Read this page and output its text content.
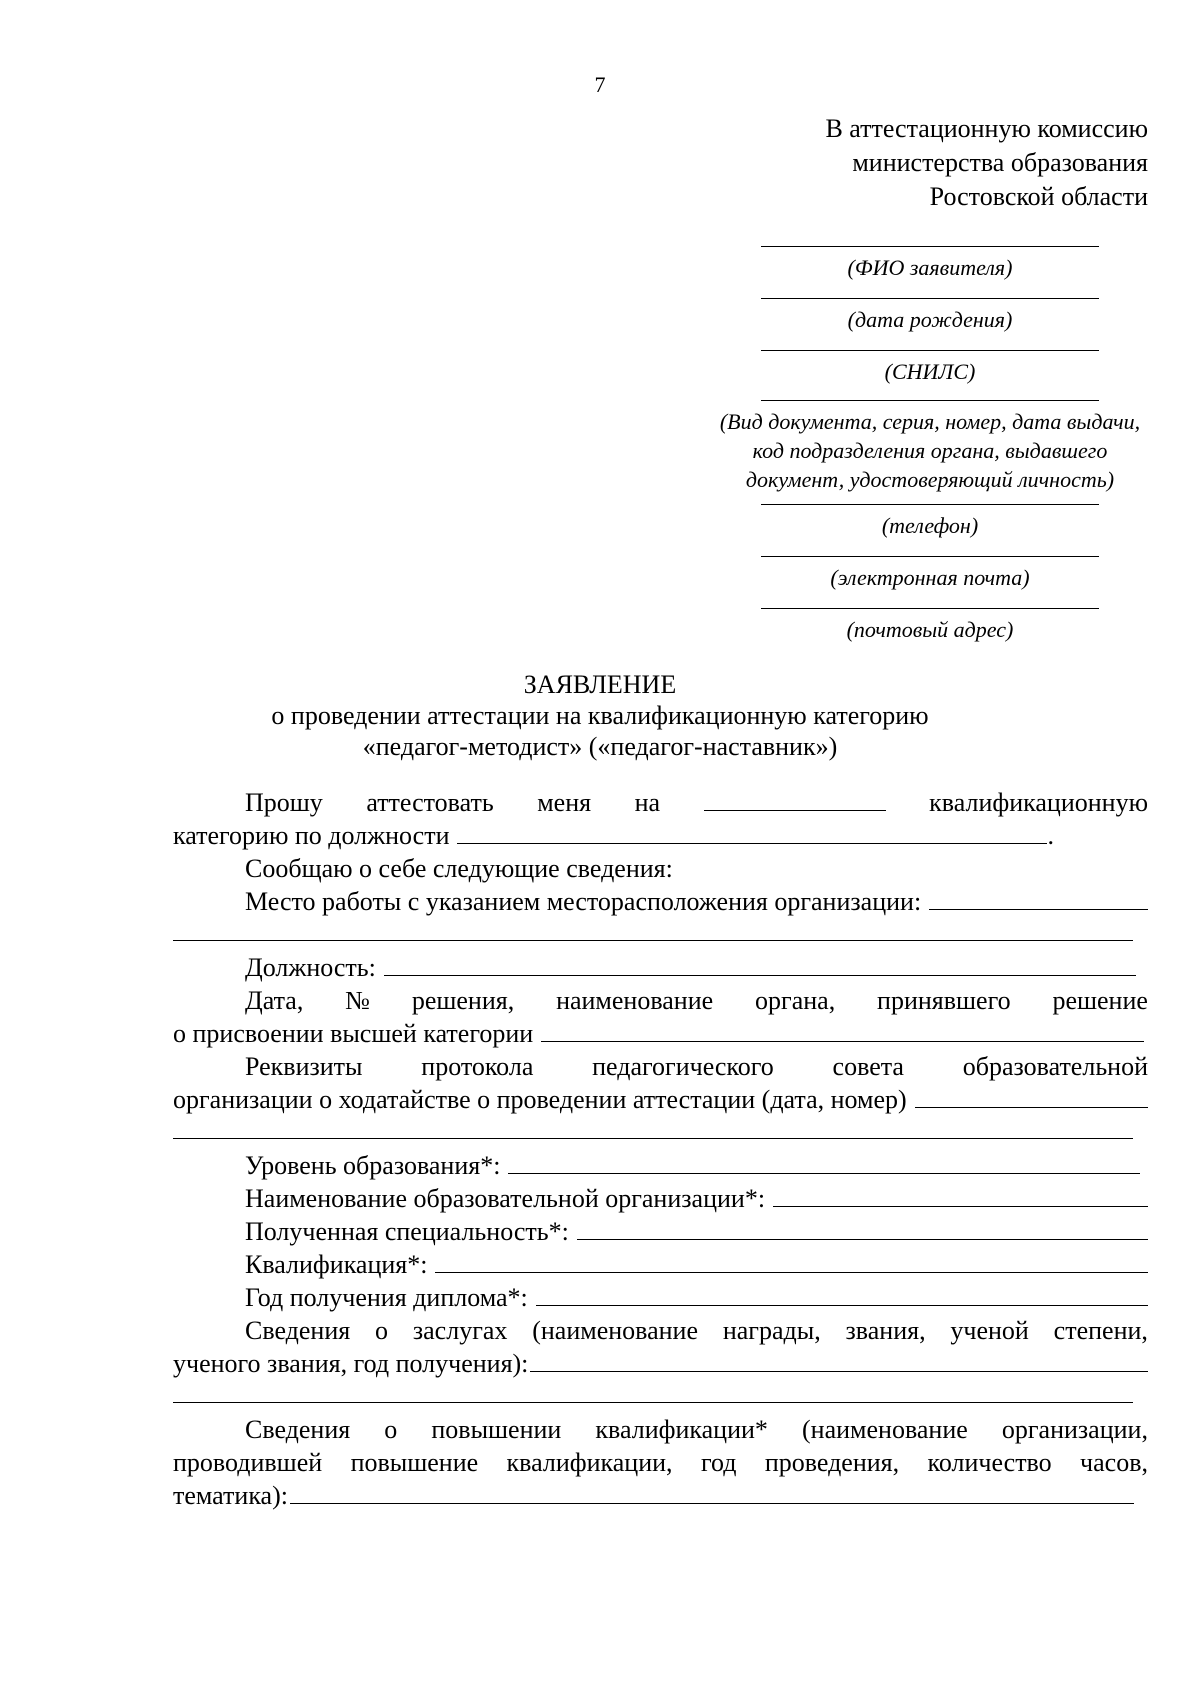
7
В аттестационную комиссию
министерства образования
Ростовской области
(ФИО заявителя)
(дата рождения)
(СНИЛС)
(Вид документа, серия, номер, дата выдачи,
код подразделения органа, выдавшего
документ, удостоверяющий личность)
(телефон)
(электронная почта)
(почтовый адрес)
ЗАЯВЛЕНИЕ
о проведении аттестации на квалификационную категорию
«педагог-методист» («педагог-наставник»)
Прошу аттестовать меня на	квалификационную
категорию по должности	.
Сообщаю о себе следующие сведения:
Место работы с указанием месторасположения организации:
Должность:
Дата, № решения, наименование органа, принявшего решение
о присвоении высшей категории
Реквизиты протокола педагогического совета образовательной
организации о ходатайстве о проведении аттестации (дата, номер)
Уровень образования*:
Наименование образовательной организации*:
Полученная специальность*:
Квалификация*:
Год получения диплома*:
Сведения о заслугах (наименование награды, звания, ученой степени,
ученого звания, год получения):
Сведения о повышении квалификации* (наименование организации,
проводившей повышение квалификации, год проведения, количество часов,
тематика):
